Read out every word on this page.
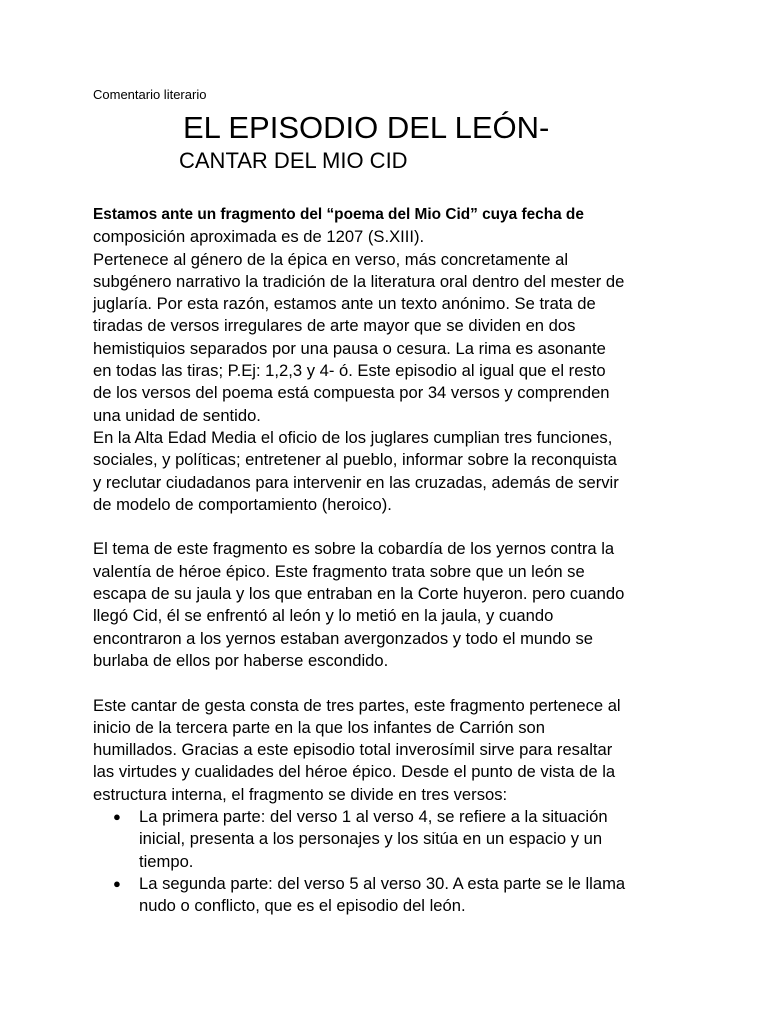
Comentario literario
EL EPISODIO DEL LEÓN-
CANTAR DEL MIO CID
Estamos ante un fragmento del “poema del Mio Cid” cuya fecha de
composición aproximada es de 1207 (S.XIII).
Pertenece al género de la épica en verso, más concretamente al
subgénero narrativo la tradición de la literatura oral dentro del mester de
juglaría. Por esta razón, estamos ante un texto anónimo. Se trata de
tiradas de versos irregulares de arte mayor que se dividen en dos
hemistiquios separados por una pausa o cesura. La rima es asonante
en todas las tiras; P.Ej: 1,2,3 y 4- ó. Este episodio al igual que el resto
de los versos del poema está compuesta por 34 versos y comprenden
una unidad de sentido.
En la Alta Edad Media el oficio de los juglares cumplian tres funciones,
sociales, y políticas; entretener al pueblo, informar sobre la reconquista
y reclutar ciudadanos para intervenir en las cruzadas, además de servir
de modelo de comportamiento (heroico).
El tema de este fragmento es sobre la cobardía de los yernos contra la
valentía de héroe épico. Este fragmento trata sobre que un león se
escapa de su jaula y los que entraban en la Corte huyeron. pero cuando
llegó Cid, él se enfrentó al león y lo metió en la jaula, y cuando
encontraron a los yernos estaban avergonzados y todo el mundo se
burlaba de ellos por haberse escondido.
Este cantar de gesta consta de tres partes, este fragmento pertenece al
inicio de la tercera parte en la que los infantes de Carrión son
humillados. Gracias a este episodio total inverosímil sirve para resaltar
las virtudes y cualidades del héroe épico. Desde el punto de vista de la
estructura interna, el fragmento se divide en tres versos:
● La primera parte: del verso 1 al verso 4, se refiere a la situación
inicial, presenta a los personajes y los sitúa en un espacio y un
tiempo.
● La segunda parte: del verso 5 al verso 30. A esta parte se le llama
nudo o conflicto, que es el episodio del león.
